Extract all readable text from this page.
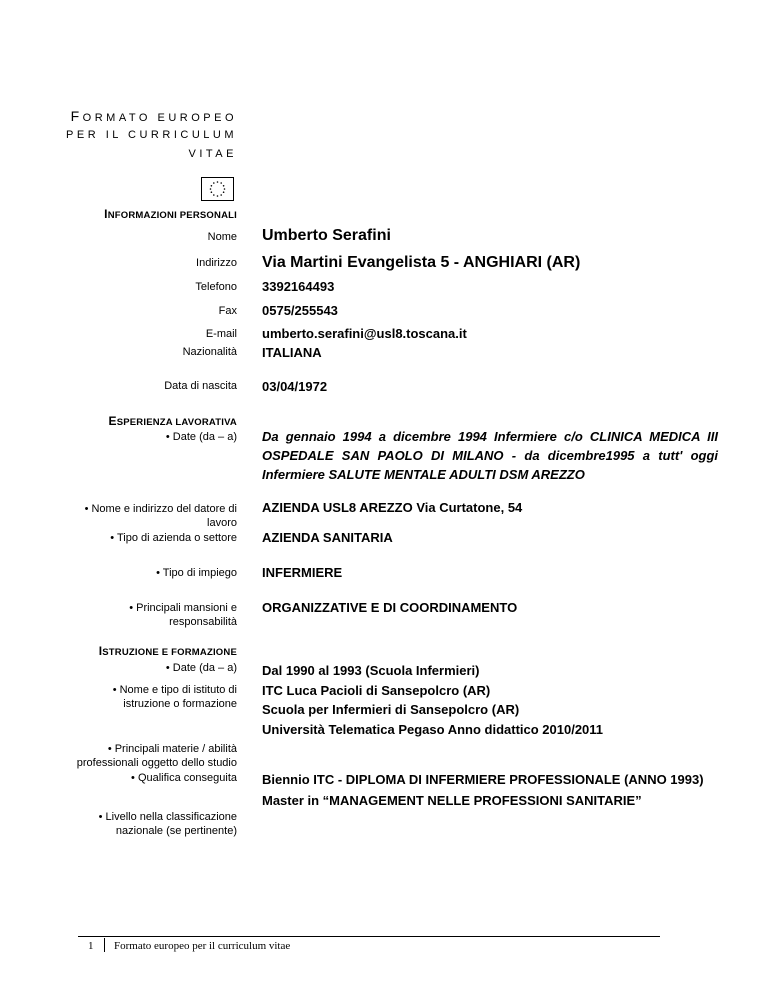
FORMATO EUROPEO
PER IL CURRICULUM
VITAE
INFORMAZIONI PERSONALI
Nome Umberto Serafini
Indirizzo Via Martini Evangelista 5 - ANGHIARI (AR)
Telefono 3392164493
Fax 0575/255543
E-mail umberto.serafini@usl8.toscana.it
Nazionalità ITALIANA
Data di nascita 03/04/1972
ESPERIENZA LAVORATIVA
• Date (da – a) Da gennaio 1994 a dicembre 1994 Infermiere c/o CLINICA MEDICA III OSPEDALE SAN PAOLO DI MILANO - da dicembre1995 a tutt' oggi Infermiere SALUTE MENTALE ADULTI DSM AREZZO
• Nome e indirizzo del datore di
lavoro
AZIENDA USL8 AREZZO Via Curtatone, 54
• Tipo di azienda o settore AZIENDA SANITARIA
• Tipo di impiego INFERMIERE
• Principali mansioni e
responsabilità
ORGANIZZATIVE E DI COORDINAMENTO
ISTRUZIONE E FORMAZIONE
• Date (da – a)
• Nome e tipo di istituto di
istruzione o formazione
Dal 1990 al 1993 (Scuola Infermieri)
ITC Luca Pacioli di Sansepolcro (AR)
Scuola per Infermieri di Sansepolcro (AR)
Università Telematica Pegaso Anno didattico 2010/2011
• Principali materie / abilità
professionali oggetto dello studio
• Qualifica conseguita Biennio ITC - DIPLOMA DI INFERMIERE PROFESSIONALE (ANNO 1993)
Master in “MANAGEMENT NELLE PROFESSIONI SANITARIE”
• Livello nella classificazione
nazionale (se pertinente)
1 Formato europeo per il curriculum vitae
